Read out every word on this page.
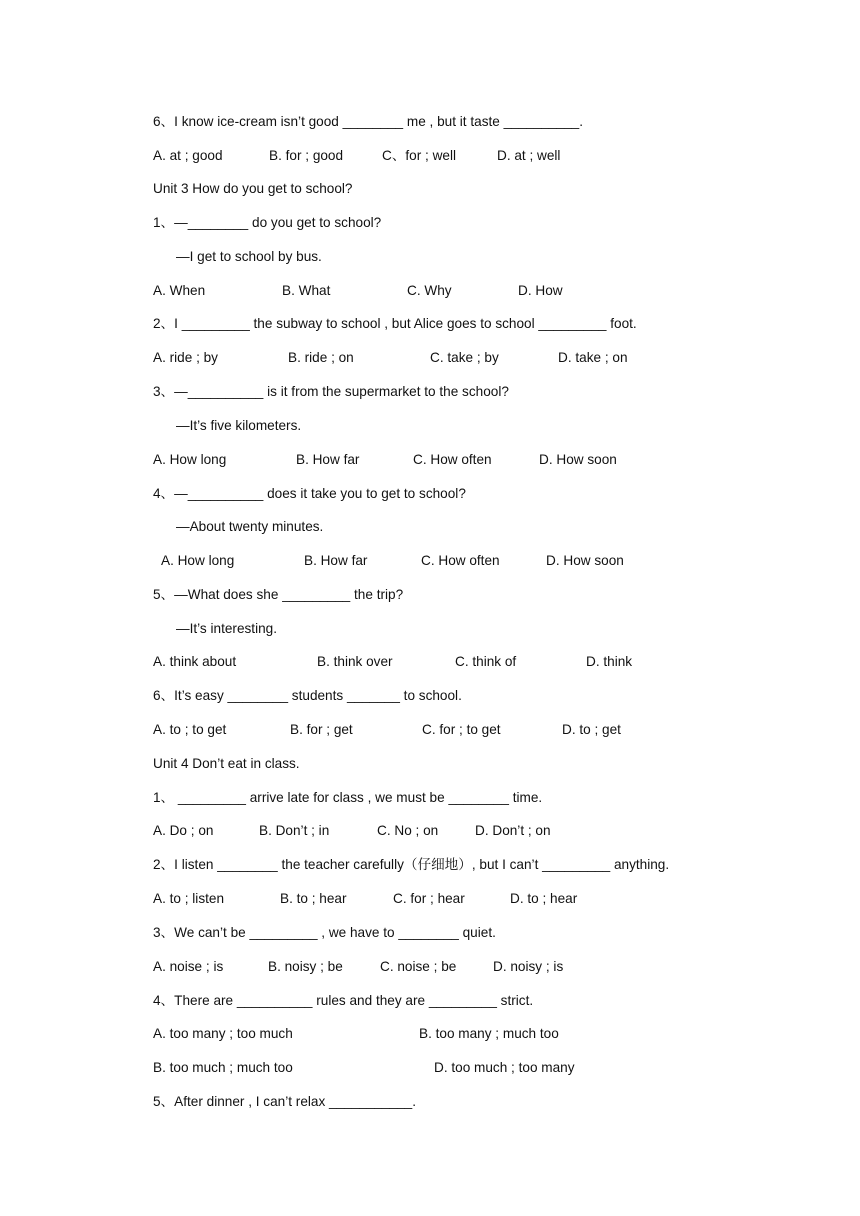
6、I know ice-cream isn’t good ________ me , but it taste __________.

A. at ; good

	B. for ; good

	C、for ; well

	D. at ; well

Unit 3 How do you get to school?
1、—________ do you get to school?
—I get to school by bus.

A. When

	B. What

	C. Why

	D. How

2、I _________ the subway to school , but Alice goes to school _________ foot.

A. ride ; by

	B. ride ; on

	C. take ; by

	D. take ; on

3、—__________ is it from the supermarket to the school?
—It’s five kilometers.

A. How long

	B. How far

	C. How often

	D. How soon

4、—__________ does it take you to get to school?
—About twenty minutes.

A. How long

	B. How far

	C. How often

	D. How soon

5、—What does she _________ the trip?
—It’s interesting.

A. think about

	B. think over

	C. think of

	D. think

6、It’s easy ________ students _______ to school.

A. to ; to get

	B. for ; get

	C. for ; to get

	D. to ; get

Unit 4 Don’t eat in class.
1、 _________ arrive late for class , we must be ________ time.

A. Do ; on

	B. Don’t ; in

	C. No ; on

	D. Don’t ; on

2、I listen ________ the teacher carefully（仔细地）, but I can’t _________ anything.

A. to ; listen

	B. to ; hear

	C. for ; hear

	D. to ; hear

3、We can’t be _________ , we have to ________ quiet.

A. noise ; is

	B. noisy ; be

	C. noise ; be

	D. noisy ; is

4、There are __________ rules and they are _________ strict.

A. too many ; too much

	B. too many ; much too

B. too much ; much too

	D. too much ; too many

5、After dinner , I can’t relax ___________.
